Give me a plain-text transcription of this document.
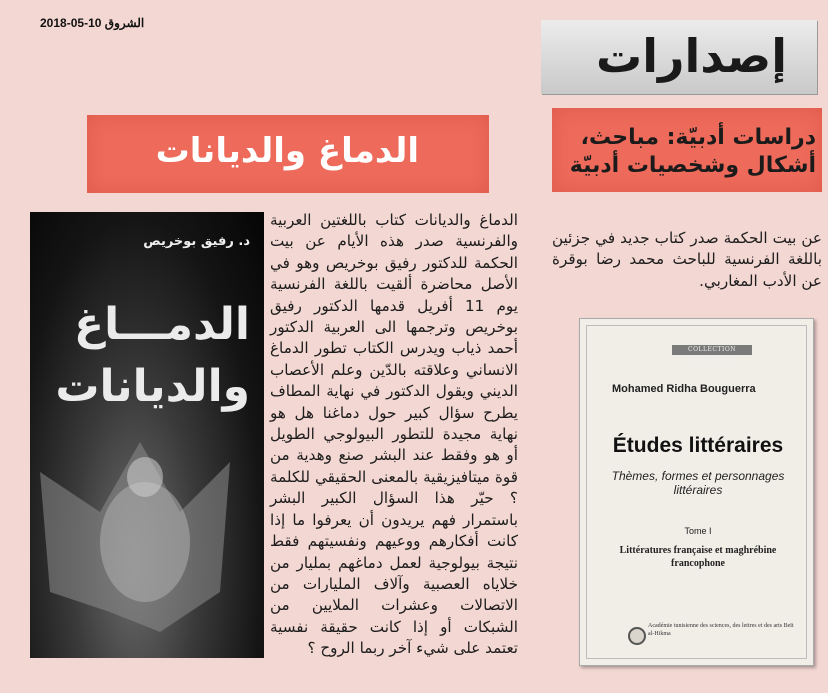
الشروق 10-05-2018
إصدارات
دراسات أدبيّة: مباحث، أشكال وشخصيات أدبيّة
الدماغ والديانات
عن بيت الحكمة صدر كتاب جديد في جزئين باللغة الفرنسية للباحث محمد رضا بوقرة عن الأدب المغاربي.
الدماغ والديانات كتاب باللغتين العربية والفرنسية صدر هذه الأيام عن بيت الحكمة للدكتور رفيق بوخريص وهو في الأصل محاضرة ألقيت باللغة الفرنسية يوم 11 أفريل قدمها الدكتور رفيق بوخريص وترجمها الى العربية الدكتور أحمد ذياب ويدرس الكتاب تطور الدماغ الانساني وعلاقته بالدّين وعلم الأعصاب الديني ويقول الدكتور في نهاية المطاف يطرح سؤال كبير حول دماغنا هل هو نهاية مجيدة للتطور البيولوجي الطويل أو هو وفقط عند البشر صنع وهدية من قوة ميتافيزيقية بالمعنى الحقيقي للكلمة ؟ حيّر هذا السؤال الكبير البشر باستمرار فهم يريدون أن يعرفوا ما إذا كانت أفكارهم ووعيهم ونفسيتهم فقط نتيجة بيولوجية لعمل دماغهم بمليار من خلاياه العصبية وآلاف المليارات من الاتصالات وعشرات الملايين من الشبكات أو إذا كانت حقيقة نفسية تعتمد على شيء آخر ربما الروح ؟
د. رفيق بوخريص
الدمـــاغ والديانات
COLLECTION LITTÉRATURE
Mohamed Ridha Bouguerra
Études littéraires
Thèmes, formes et personnages littéraires
Tome I
Littératures française et maghrébine francophone
Académie tunisienne des sciences, des lettres et des arts Beït al-Hikma
